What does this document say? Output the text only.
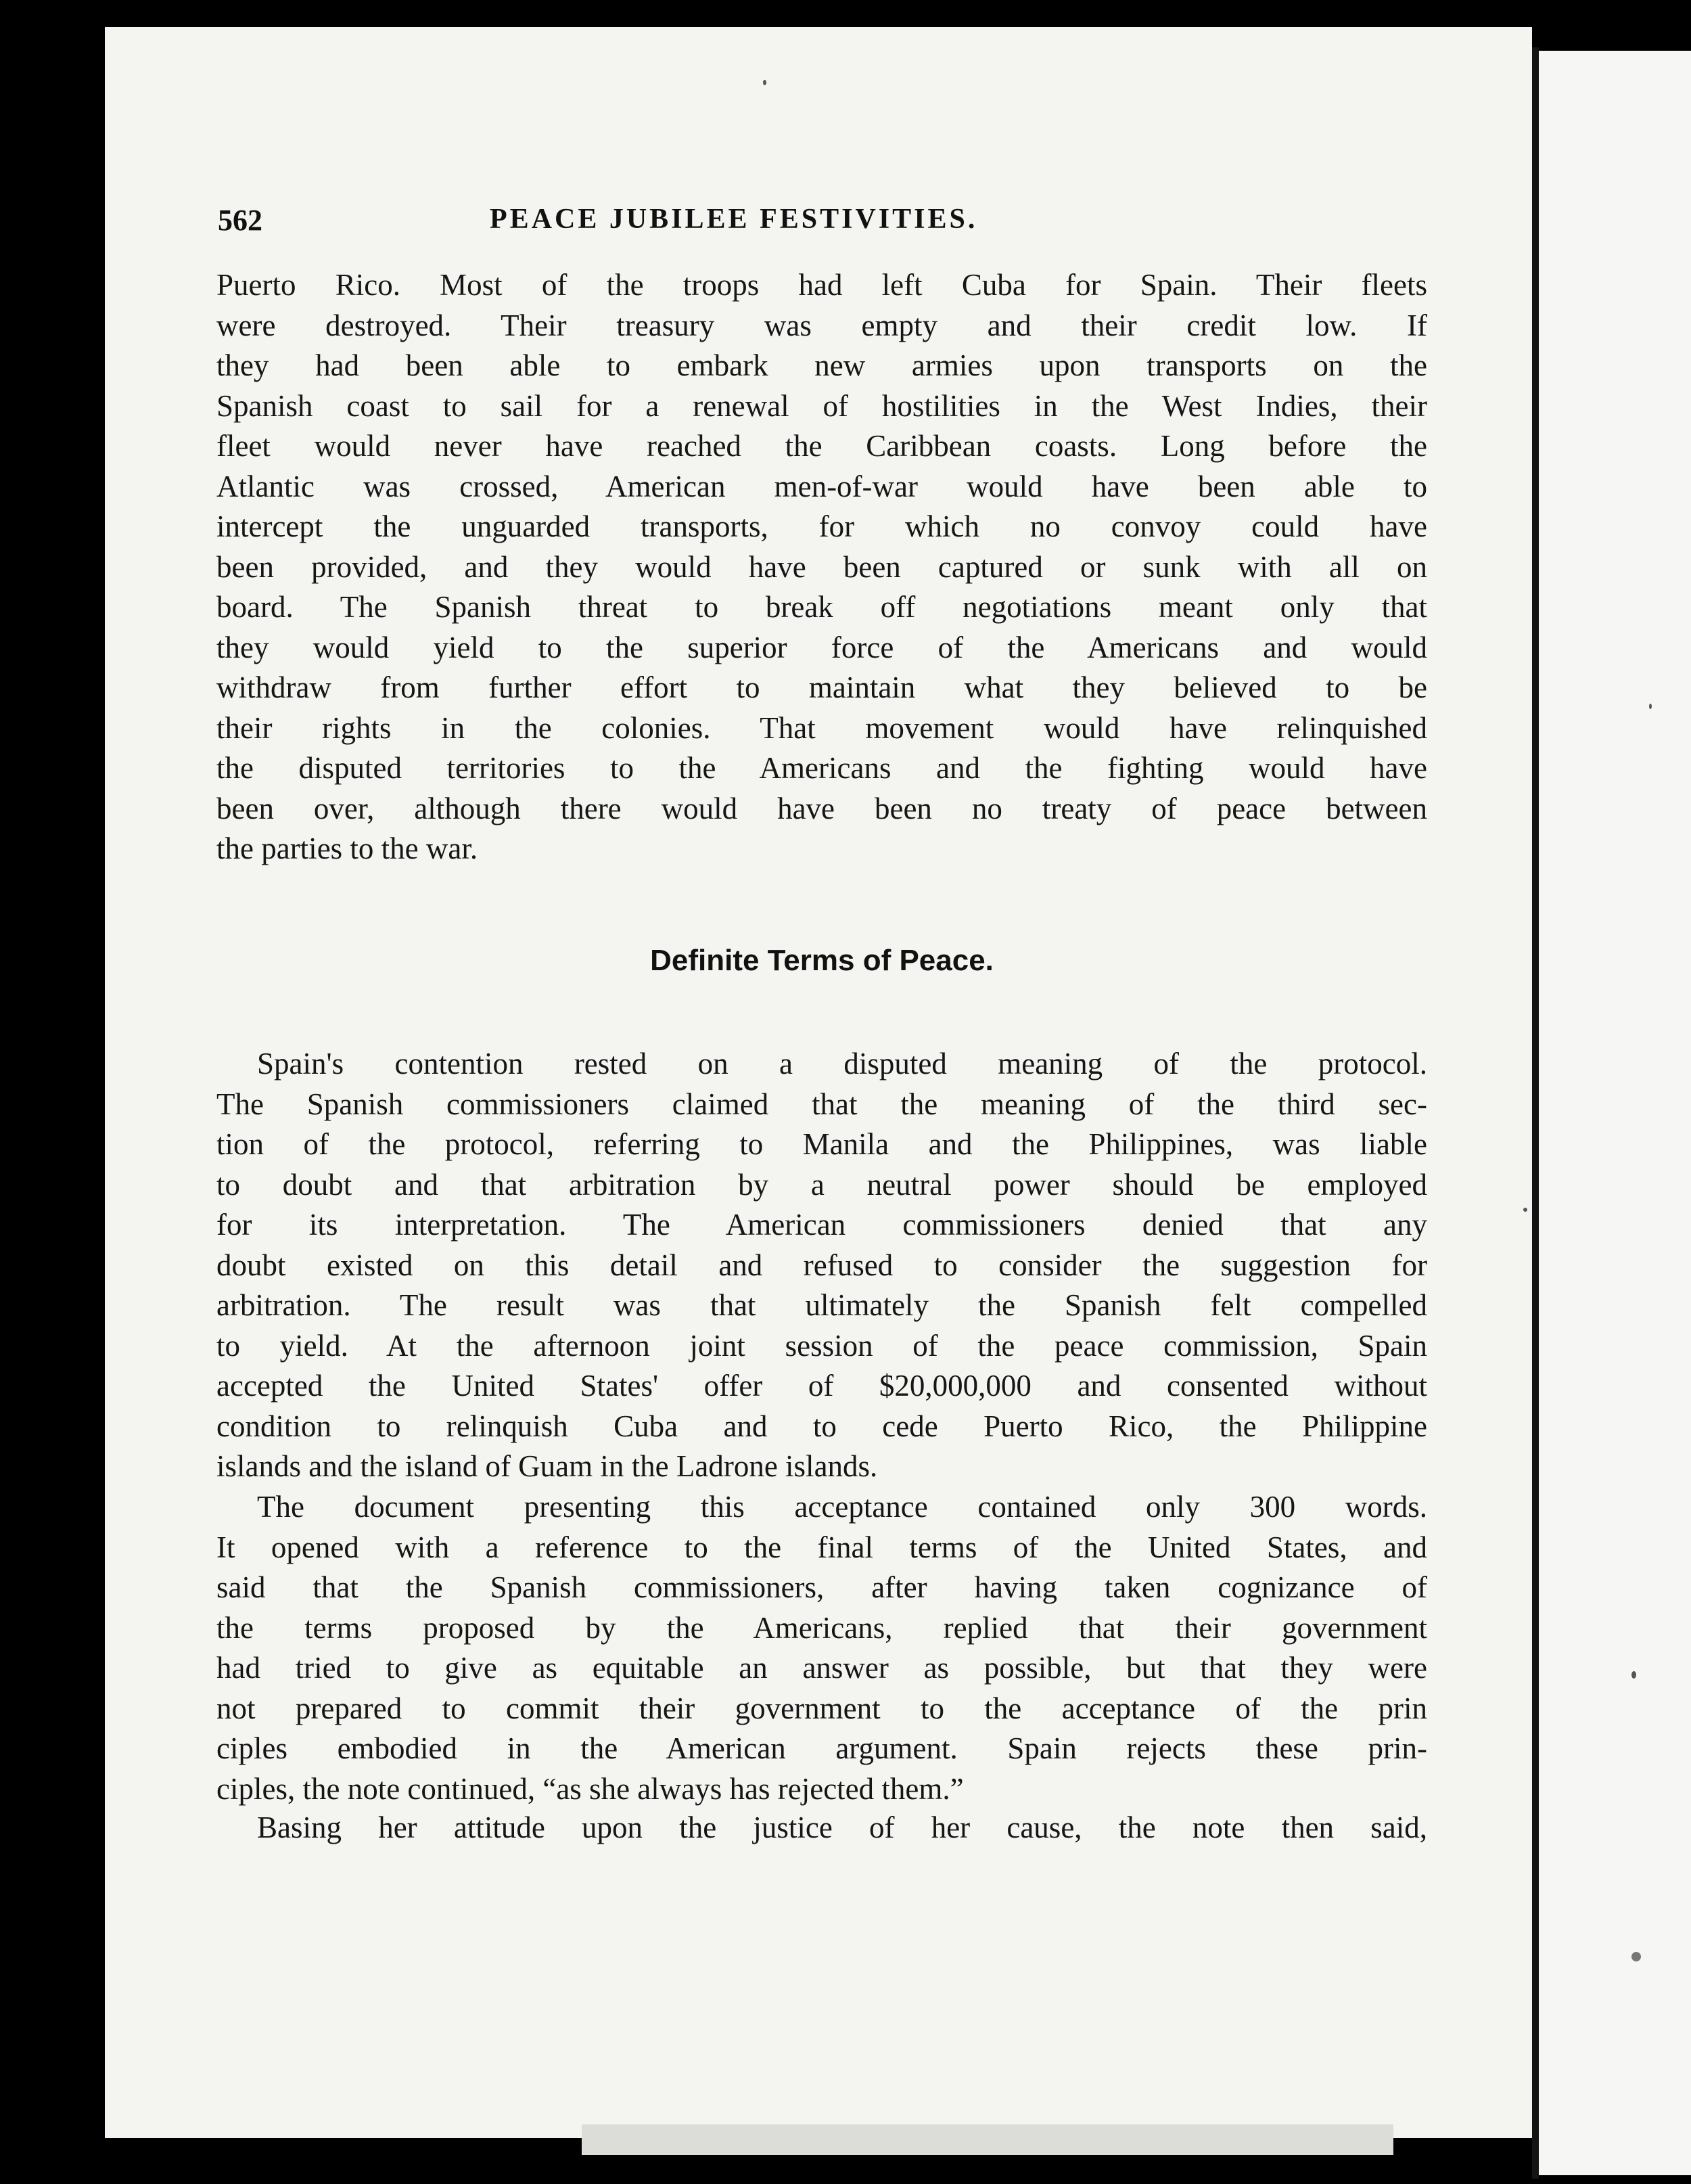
562	PEACE JUBILEE FESTIVITIES.
Puerto Rico. Most of the troops had left Cuba for Spain. Their fleets
were destroyed. Their treasury was empty and their credit low. If
they had been able to embark new armies upon transports on the
Spanish coast to sail for a renewal of hostilities in the West Indies, their
fleet would never have reached the Caribbean coasts. Long before the
Atlantic was crossed, American men-of-war would have been able to
intercept the unguarded transports, for which no convoy could have
been provided, and they would have been captured or sunk with all on
board. The Spanish threat to break off negotiations meant only that
they would yield to the superior force of the Americans and would
withdraw from further effort to maintain what they believed to be
their rights in the colonies. That movement would have relinquished
the disputed territories to the Americans and the fighting would have
been over, although there would have been no treaty of peace between
the parties to the war.
Definite Terms of Peace.
Spain's contention rested on a disputed meaning of the protocol.
The Spanish commissioners claimed that the meaning of the third sec-
tion of the protocol, referring to Manila and the Philippines, was liable
to doubt and that arbitration by a neutral power should be employed
for its interpretation. The American commissioners denied that any
doubt existed on this detail and refused to consider the suggestion for
arbitration. The result was that ultimately the Spanish felt compelled
to yield. At the afternoon joint session of the peace commission, Spain
accepted the United States' offer of $20,000,000 and consented without
condition to relinquish Cuba and to cede Puerto Rico, the Philippine
islands and the island of Guam in the Ladrone islands.
The document presenting this acceptance contained only 300 words.
It opened with a reference to the final terms of the United States, and
said that the Spanish commissioners, after having taken cognizance of
the terms proposed by the Americans, replied that their government
had tried to give as equitable an answer as possible, but that they were
not prepared to commit their government to the acceptance of the prin
ciples embodied in the American argument. Spain rejects these prin-
ciples, the note continued, “as she always has rejected them.”
Basing her attitude upon the justice of her cause, the note then said,
